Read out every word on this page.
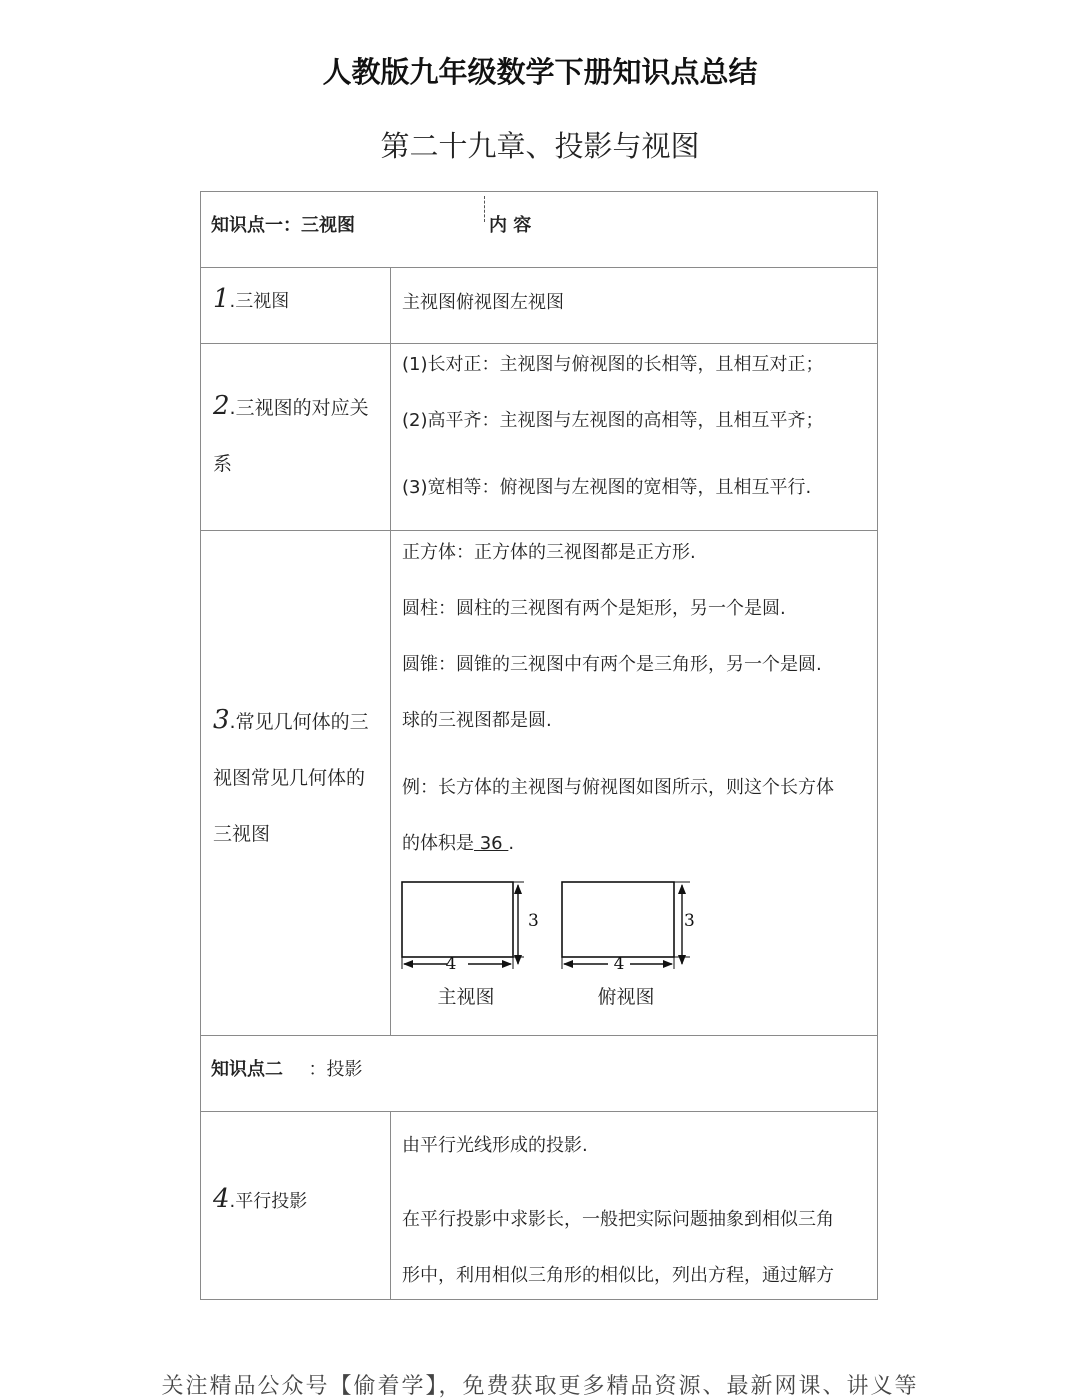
人教版九年级数学下册知识点总结
第二十九章、投影与视图
知识点一：三视图	内 容
1.三视图	主视图俯视图左视图
2.三视图的对应关
系
(1)长对正：主视图与俯视图的长相等，且相互对正；
(2)高平齐：主视图与左视图的高相等，且相互平齐；
(3)宽相等：俯视图与左视图的宽相等，且相互平行.
3.常见几何体的三
视图常见几何体的
三视图
正方体：正方体的三视图都是正方形.
圆柱：圆柱的三视图有两个是矩形，另一个是圆.
圆锥：圆锥的三视图中有两个是三角形，另一个是圆.
球的三视图都是圆.
例：长方体的主视图与俯视图如图所示，则这个长方体
的体积是 36 .
4
3
主视图
4
3
俯视图
知识点二 ：投影
4.平行投影
由平行光线形成的投影.
在平行投影中求影长，一般把实际问题抽象到相似三角
形中，利用相似三角形的相似比，列出方程，通过解方
关注精品公众号【偷着学】，免费获取更多精品资源、最新网课、讲义等
